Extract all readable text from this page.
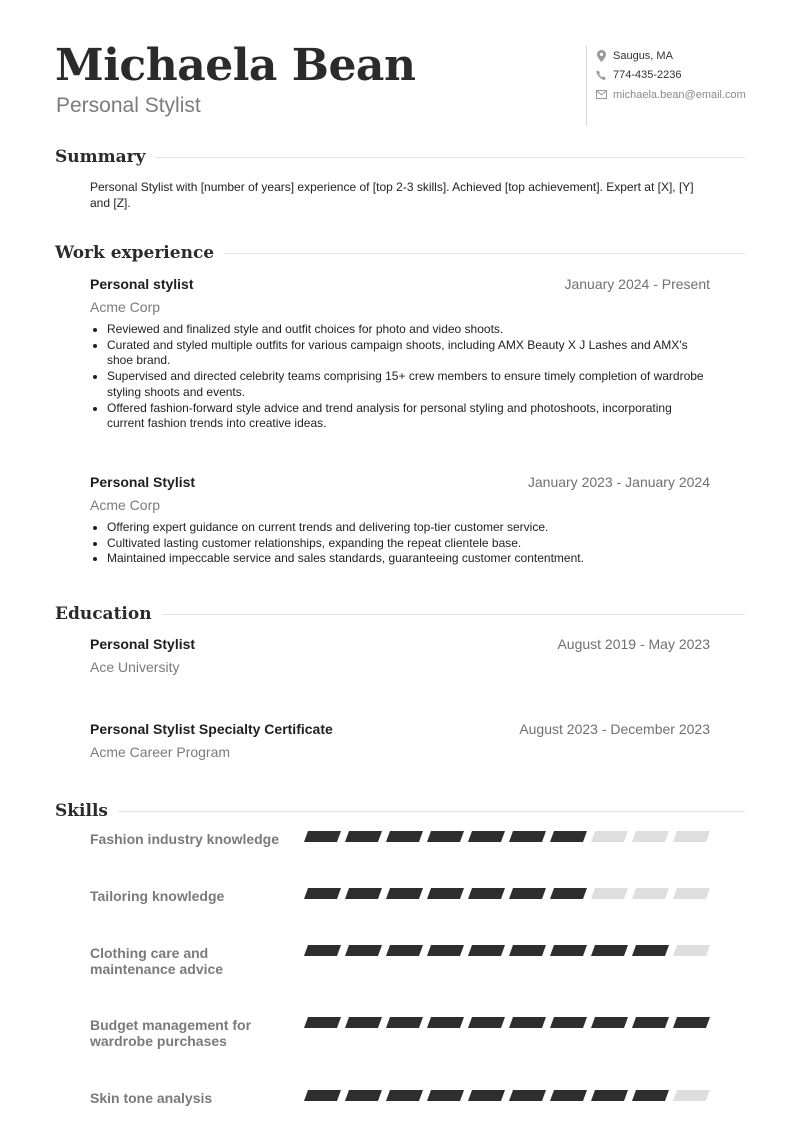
Michaela Bean
Personal Stylist
Saugus, MA
774-435-2236
michaela.bean@email.com
Summary

Personal Stylist with [number of years] experience of [top 2-3 skills]. Achieved [top achievement]. Expert at [X], [Y] and [Z].

Work experience
Personal stylist	January 2024 - Present
Acme Corp
• Reviewed and finalized style and outfit choices for photo and video shoots.
• Curated and styled multiple outfits for various campaign shoots, including AMX Beauty X J Lashes and AMX's shoe brand.
• Supervised and directed celebrity teams comprising 15+ crew members to ensure timely completion of wardrobe styling shoots and events.
• Offered fashion-forward style advice and trend analysis for personal styling and photoshoots, incorporating current fashion trends into creative ideas.
Personal Stylist	January 2023 - January 2024
Acme Corp
• Offering expert guidance on current trends and delivering top-tier customer service.
• Cultivated lasting customer relationships, expanding the repeat clientele base.
• Maintained impeccable service and sales standards, guaranteeing customer contentment.
Education
Personal Stylist	August 2019 - May 2023
Ace University
Personal Stylist Specialty Certificate	August 2023 - December 2023
Acme Career Program
Skills
Fashion industry knowledge
Tailoring knowledge
Clothing care and maintenance advice
Budget management for wardrobe purchases
Skin tone analysis
